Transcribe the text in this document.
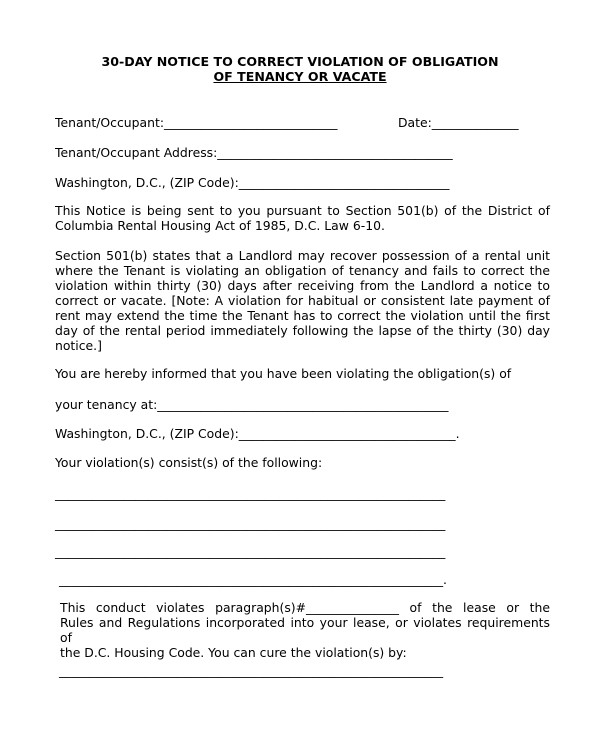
30-DAY NOTICE TO CORRECT VIOLATION OF OBLIGATION
OF TENANCY OR VACATE
Tenant/Occupant:____________________________	Date:______________
Tenant/Occupant Address:______________________________________
Washington, D.C., (ZIP Code):__________________________________
This Notice is being sent to you pursuant to Section 501(b) of the District of
Columbia Rental Housing Act of 1985, D.C. Law 6-10.
Section 501(b) states that a Landlord may recover possession of a rental unit
where the Tenant is violating an obligation of tenancy and fails to correct the
violation within thirty (30) days after receiving from the Landlord a notice to
correct or vacate. [Note: A violation for habitual or consistent late payment of
rent may extend the time the Tenant has to correct the violation until the first
day of the rental period immediately following the lapse of the thirty (30) day
notice.]
You are hereby informed that you have been violating the obligation(s) of
your tenancy at:_______________________________________________
Washington, D.C., (ZIP Code):___________________________________.
Your violation(s) consist(s) of the following:
_______________________________________________________________
_______________________________________________________________
_______________________________________________________________
______________________________________________________________.
This conduct violates paragraph(s)#_______________ of the lease or the
Rules and Regulations incorporated into your lease, or violates requirements of
the D.C. Housing Code. You can cure the violation(s) by:
______________________________________________________________
